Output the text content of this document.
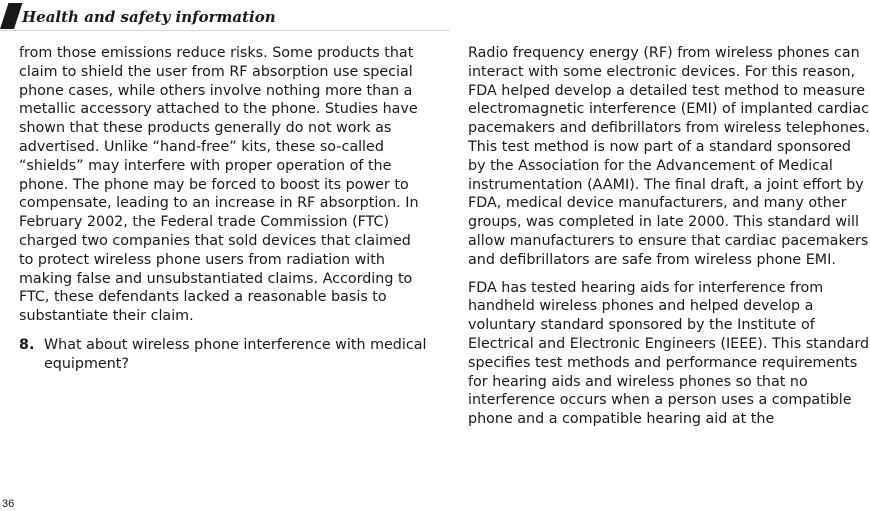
Health and safety information

from those emissions reduce risks. Some products that claim to shield the user from RF absorption use special phone cases, while others involve nothing more than a metallic accessory attached to the phone. Studies have shown that these products generally do not work as advertised. Unlike “hand-free” kits, these so-called “shields” may interfere with proper operation of the phone. The phone may be forced to boost its power to compensate, leading to an increase in RF absorption. In February 2002, the Federal trade Commission (FTC) charged two companies that sold devices that claimed to protect wireless phone users from radiation with making false and unsubstantiated claims. According to FTC, these defendants lacked a reasonable basis to substantiate their claim.

8. What about wireless phone interference with medical equipment?

Radio frequency energy (RF) from wireless phones can interact with some electronic devices. For this reason, FDA helped develop a detailed test method to measure electromagnetic interference (EMI) of implanted cardiac pacemakers and defibrillators from wireless telephones. This test method is now part of a standard sponsored by the Association for the Advancement of Medical instrumentation (AAMI). The final draft, a joint effort by FDA, medical device manufacturers, and many other groups, was completed in late 2000. This standard will allow manufacturers to ensure that cardiac pacemakers and defibrillators are safe from wireless phone EMI.

FDA has tested hearing aids for interference from handheld wireless phones and helped develop a voluntary standard sponsored by the Institute of Electrical and Electronic Engineers (IEEE). This standard specifies test methods and performance requirements for hearing aids and wireless phones so that no interference occurs when a person uses a compatible phone and a compatible hearing aid at the

36
